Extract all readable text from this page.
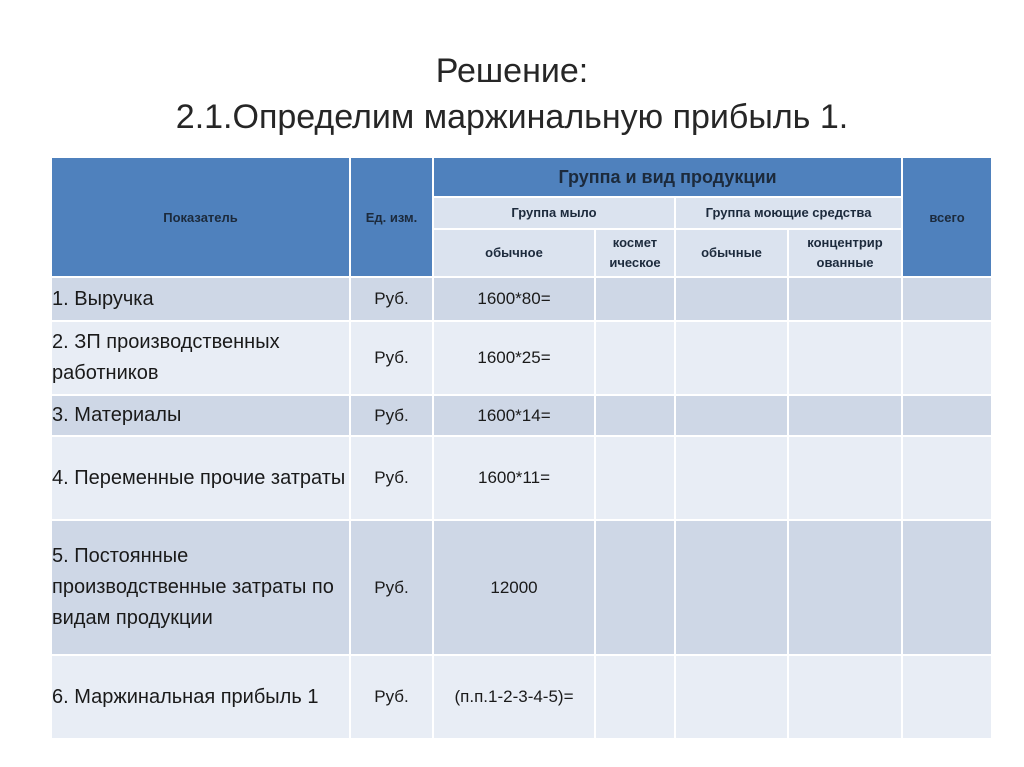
Решение:
2.1.Определим маржинальную прибыль 1.
Показатель	Ед. изм.	Группа и вид продукции				всего
		Группа мыло		Группа моющие средства		
		обычное	космет ическое	обычные	концентрир ованные	
1. Выручка	Руб.	1600*80=				
2. ЗП производственных работников	Руб.	1600*25=				
3. Материалы	Руб.	1600*14=				
4. Переменные прочие затраты	Руб.	1600*11=				
5. Постоянные производственные затраты по видам продукции	Руб.	12000				
6. Маржинальная прибыль 1	Руб.	(п.п.1-2-3-4-5)=				
